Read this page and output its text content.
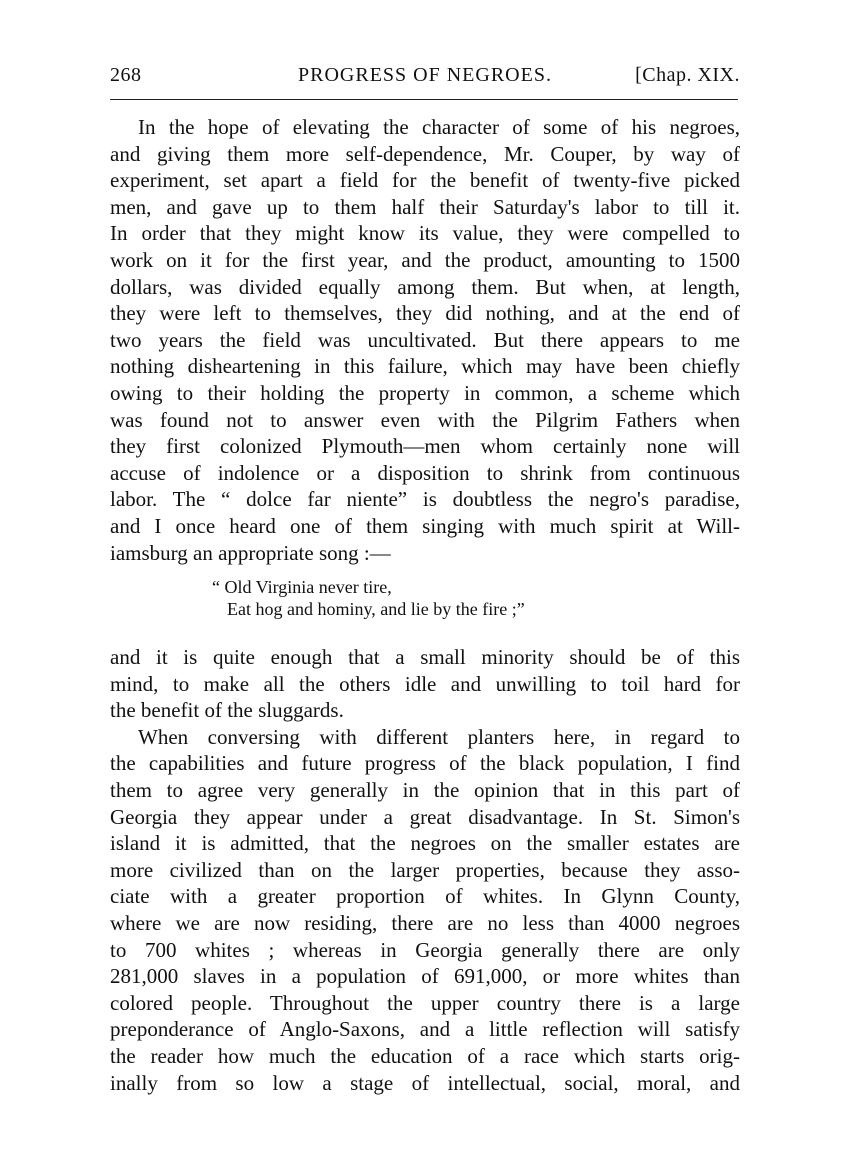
268	PROGRESS OF NEGROES.	[Chap. XIX.
In the hope of elevating the character of some of his negroes,
and giving them more self-dependence, Mr. Couper, by way of
experiment, set apart a field for the benefit of twenty-five picked
men, and gave up to them half their Saturday's labor to till it.
In order that they might know its value, they were compelled to
work on it for the first year, and the product, amounting to 1500
dollars, was divided equally among them. But when, at length,
they were left to themselves, they did nothing, and at the end of
two years the field was uncultivated. But there appears to me
nothing disheartening in this failure, which may have been chiefly
owing to their holding the property in common, a scheme which
was found not to answer even with the Pilgrim Fathers when
they first colonized Plymouth—men whom certainly none will
accuse of indolence or a disposition to shrink from continuous
labor. The “ dolce far niente” is doubtless the negro's paradise,
and I once heard one of them singing with much spirit at Will-
iamsburg an appropriate song :—
“ Old Virginia never tire,
Eat hog and hominy, and lie by the fire ;”
and it is quite enough that a small minority should be of this
mind, to make all the others idle and unwilling to toil hard for
the benefit of the sluggards.
When conversing with different planters here, in regard to
the capabilities and future progress of the black population, I find
them to agree very generally in the opinion that in this part of
Georgia they appear under a great disadvantage. In St. Simon's
island it is admitted, that the negroes on the smaller estates are
more civilized than on the larger properties, because they asso-
ciate with a greater proportion of whites. In Glynn County,
where we are now residing, there are no less than 4000 negroes
to 700 whites ; whereas in Georgia generally there are only
281,000 slaves in a population of 691,000, or more whites than
colored people. Throughout the upper country there is a large
preponderance of Anglo-Saxons, and a little reflection will satisfy
the reader how much the education of a race which starts orig-
inally from so low a stage of intellectual, social, moral, and
